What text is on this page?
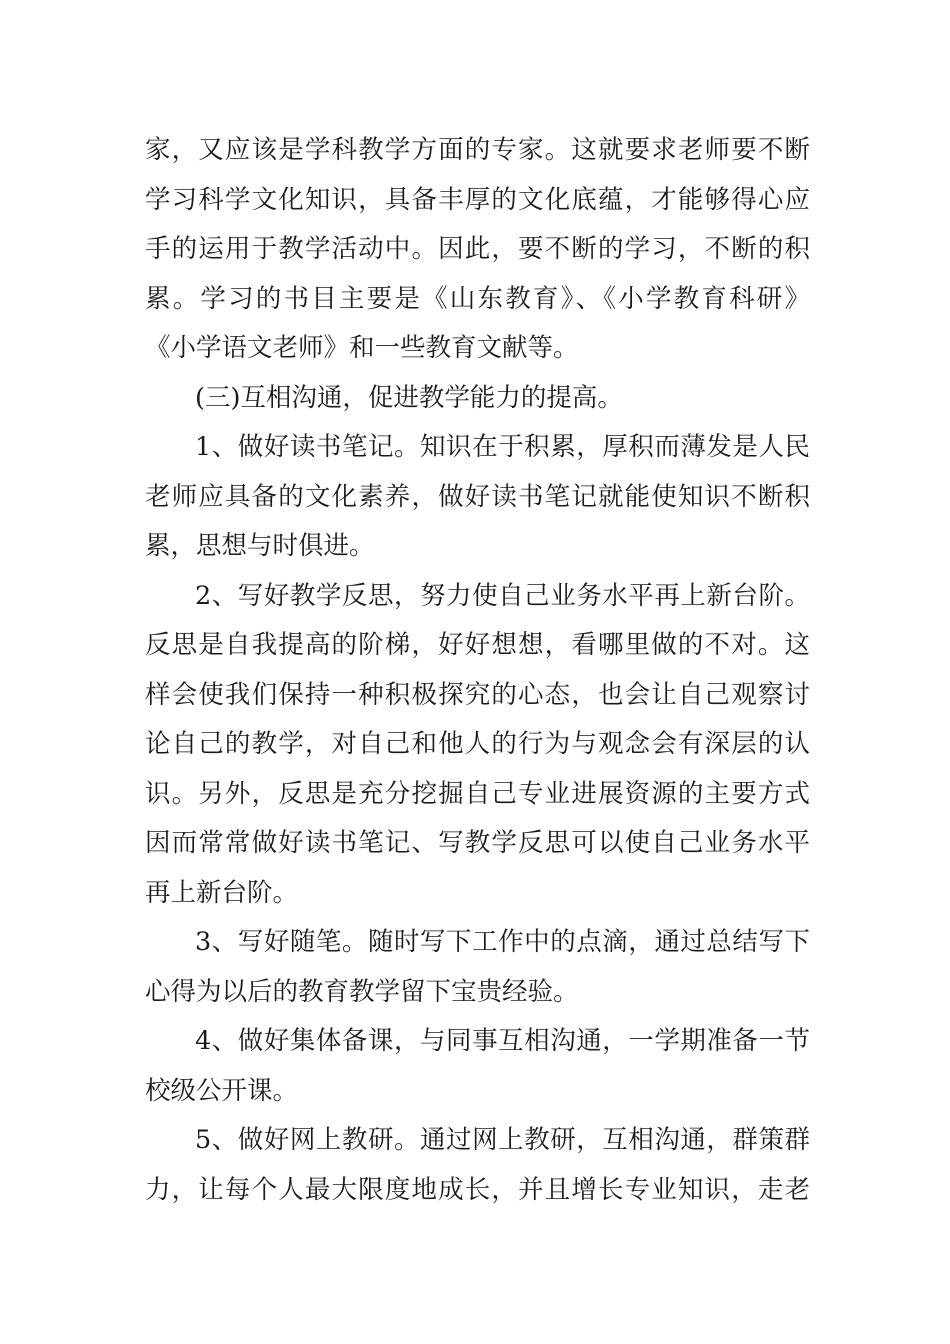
家，又应该是学科教学方面的专家。这就要求老师要不断
学习科学文化知识，具备丰厚的文化底蕴，才能够得心应
手的运用于教学活动中。因此，要不断的学习，不断的积
累。学习的书目主要是《山东教育》、《小学教育科研》
《小学语文老师》和一些教育文献等。
(三)互相沟通，促进教学能力的提高。
1、做好读书笔记。知识在于积累，厚积而薄发是人民
老师应具备的文化素养，做好读书笔记就能使知识不断积
累，思想与时俱进。
2、写好教学反思，努力使自己业务水平再上新台阶。
反思是自我提高的阶梯，好好想想，看哪里做的不对。这
样会使我们保持一种积极探究的心态，也会让自己观察讨
论自己的教学，对自己和他人的行为与观念会有深层的认
识。另外，反思是充分挖掘自己专业进展资源的主要方式
因而常常做好读书笔记、写教学反思可以使自己业务水平
再上新台阶。
3、写好随笔。随时写下工作中的点滴，通过总结写下
心得为以后的教育教学留下宝贵经验。
4、做好集体备课，与同事互相沟通，一学期准备一节
校级公开课。
5、做好网上教研。通过网上教研，互相沟通，群策群
力，让每个人最大限度地成长，并且增长专业知识，走老
